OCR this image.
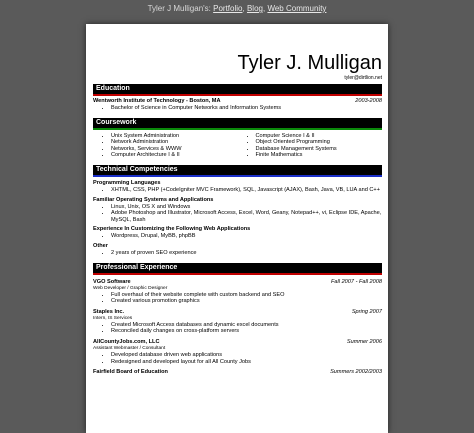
Tyler J Mulligan's: Portfolio, Blog, Web Community
Tyler J. Mulligan
tyler@dirtlion.net
Education
Wentworth Institute of Technology - Boston, MA	2003-2008
• Bachelor of Science in Computer Networks and Information Systems
Coursework
• Unix System Administration
• Network Administration
• Networks, Services & WWW
• Computer Architecture I & II
• Computer Science I & II
• Object Oriented Programming
• Database Management Systems
• Finite Mathematics
Technical Competencies
Programming Languages
• XHTML, CSS, PHP (+CodeIgniter MVC Framework), SQL, Javascript (AJAX), Bash, Java, VB, LUA and C++
Familiar Operating Systems and Applications
• Linux, Unix, OS X and Windows
• Adobe Photoshop and Illustrator, Microsoft Access, Excel, Word, Geany, Notepad++, vi, Eclipse IDE, Apache, MySQL, Bash
Experience In Customizing the Following Web Applications
• Wordpress, Drupal, MyBB, phpBB
Other
• 2 years of proven SEO experience
Professional Experience
VGO Software	Fall 2007 - Fall 2008
Web Developer / Graphic Designer
• Full overhaul of their website complete with custom backend and SEO
• Created various promotion graphics
Staples Inc.	Spring 2007
Intern, IS Services
• Created Microsoft Access databases and dynamic excel documents
• Reconciled daily changes on cross-platform servers
AllCountyJobs.com, LLC	Summer 2006
Assistant Webmaster / Consultant
• Developed database driven web applications
• Redesigned and developed layout for all All County Jobs
Fairfield Board of Education	Summers 2002/2003
